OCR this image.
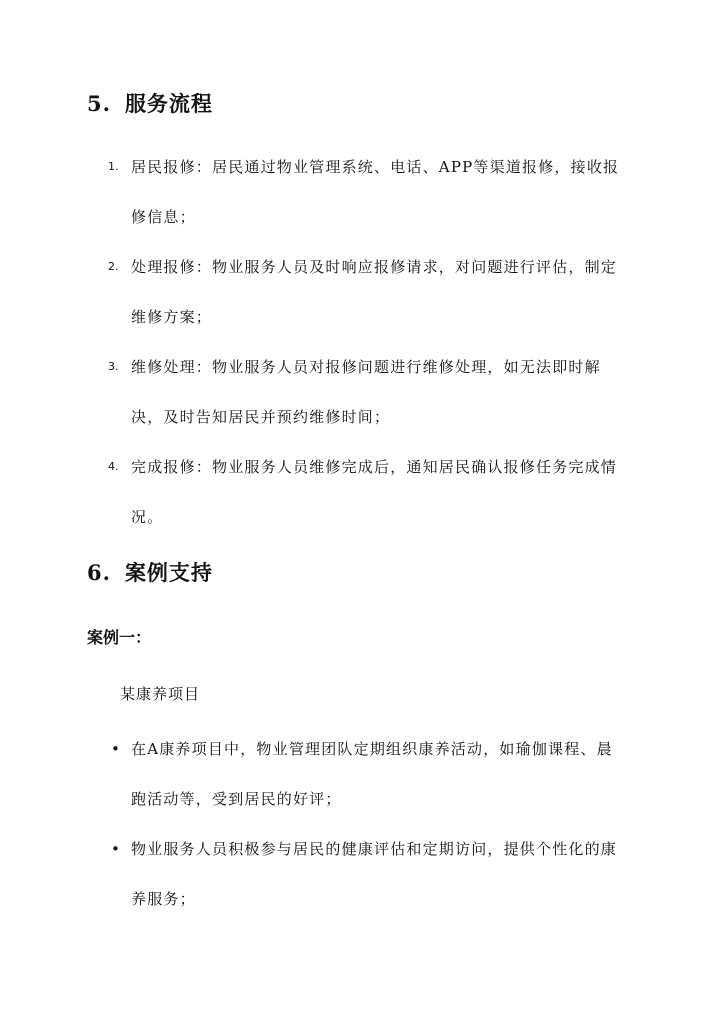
5. 服务流程
1. 居民报修：居民通过物业管理系统、电话、APP等渠道报修，接收报修信息；
2. 处理报修：物业服务人员及时响应报修请求，对问题进行评估，制定维修方案；
3. 维修处理：物业服务人员对报修问题进行维修处理，如无法即时解决，及时告知居民并预约维修时间；
4. 完成报修：物业服务人员维修完成后，通知居民确认报修任务完成情况。
6. 案例支持
案例一：
某康养项目
• 在A康养项目中，物业管理团队定期组织康养活动，如瑜伽课程、晨跑活动等，受到居民的好评；
• 物业服务人员积极参与居民的健康评估和定期访问，提供个性化的康养服务；
